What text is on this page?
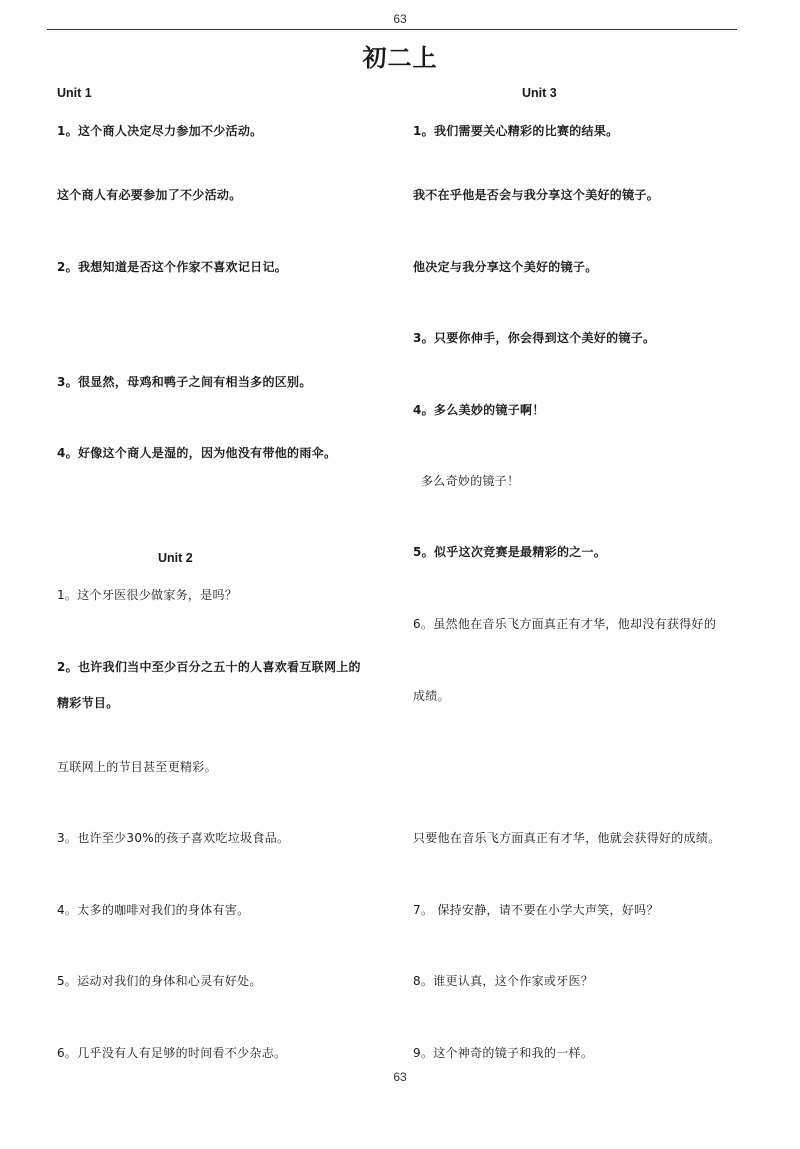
63
初二上
Unit 1
1。这个商人决定尽力参加不少活动。
这个商人有必要参加了不少活动。
2。我想知道是否这个作家不喜欢记日记。
3。很显然，母鸡和鸭子之间有相当多的区别。
4。好像这个商人是湿的，因为他没有带他的雨伞。
Unit 2
1。这个牙医很少做家务，是吗？
2。也许我们当中至少百分之五十的人喜欢看互联网上的
精彩节目。
互联网上的节目甚至更精彩。
3。也许至少30%的孩子喜欢吃垃圾食品。
4。太多的咖啡对我们的身体有害。
5。运动对我们的身体和心灵有好处。
6。几乎没有人有足够的时间看不少杂志。
Unit 3
1。我们需要关心精彩的比赛的结果。
我不在乎他是否会与我分享这个美好的镜子。
他决定与我分享这个美好的镜子。
3。只要你伸手，你会得到这个美好的镜子。
4。多么美妙的镜子啊！
多么奇妙的镜子！
5。似乎这次竞赛是最精彩的之一。
6。虽然他在音乐飞方面真正有才华，他却没有获得好的
成绩。
只要他在音乐飞方面真正有才华，他就会获得好的成绩。
7。 保持安静，请不要在小学大声笑，好吗？
8。谁更认真，这个作家或牙医？
9。这个神奇的镜子和我的一样。
63
